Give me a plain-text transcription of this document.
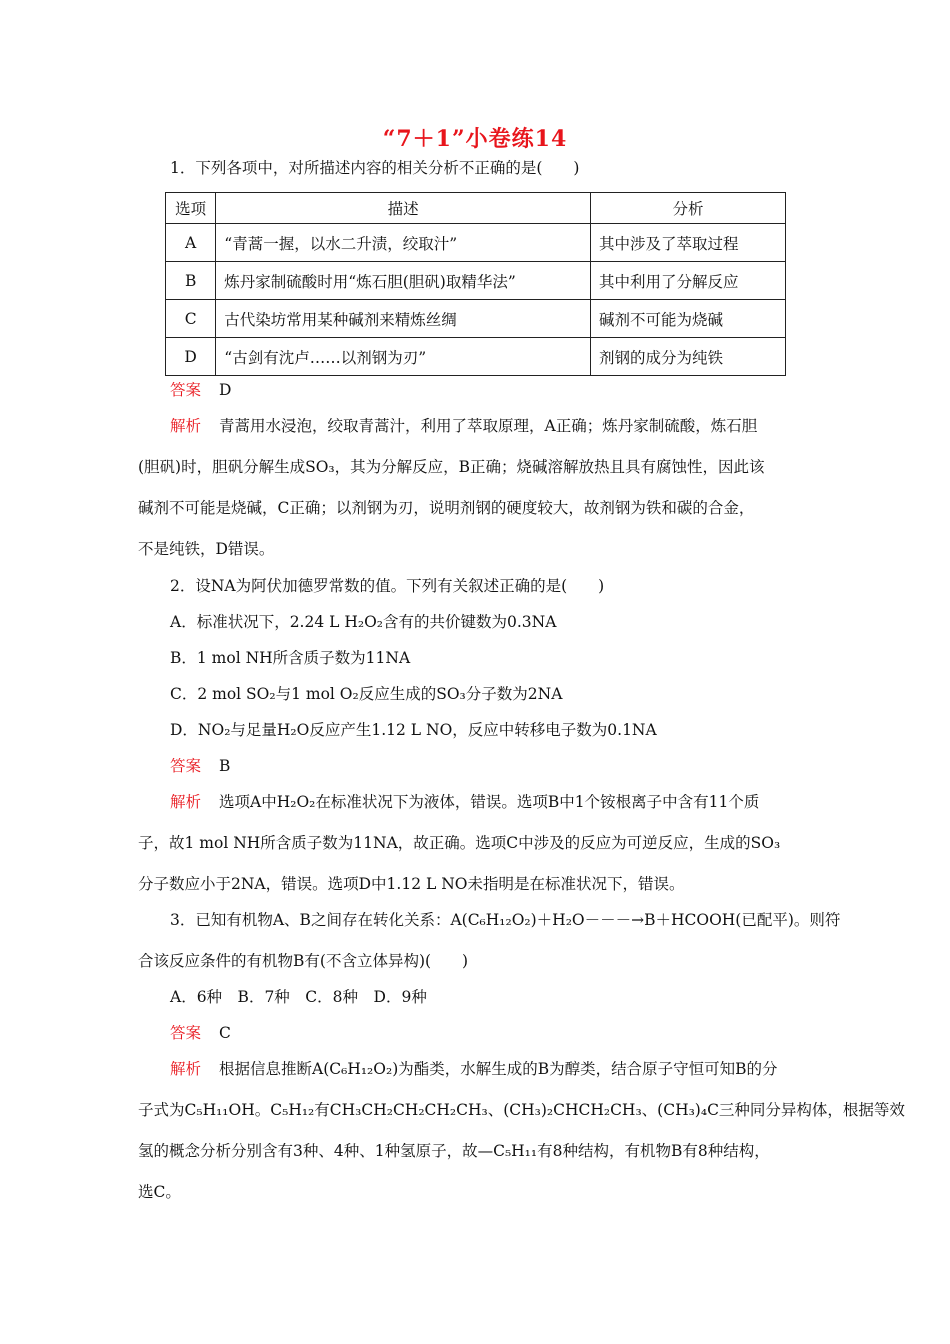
“7＋1”小卷练14
1．下列各项中，对所描述内容的相关分析不正确的是(　　)
选项	描述	分析
A	“青蒿一握，以水二升渍，绞取汁”	其中涉及了萃取过程
B	炼丹家制硫酸时用“炼石胆(胆矾)取精华法”	其中利用了分解反应
C	古代染坊常用某种碱剂来精炼丝绸	碱剂不可能为烧碱
D	“古剑有沈卢……以剂钢为刃”	剂钢的成分为纯铁
答案 D
解析 青蒿用水浸泡，绞取青蒿汁，利用了萃取原理，A正确；炼丹家制硫酸，炼石胆
(胆矾)时，胆矾分解生成SO₃，其为分解反应，B正确；烧碱溶解放热且具有腐蚀性，因此该
碱剂不可能是烧碱，C正确；以剂钢为刃，说明剂钢的硬度较大，故剂钢为铁和碳的合金，
不是纯铁，D错误。
2．设NA为阿伏加德罗常数的值。下列有关叙述正确的是(　　)
A．标准状况下，2.24 L H₂O₂含有的共价键数为0.3NA
B．1 mol NH所含质子数为11NA
C．2 mol SO₂与1 mol O₂反应生成的SO₃分子数为2NA
D．NO₂与足量H₂O反应产生1.12 L NO，反应中转移电子数为0.1NA
答案 B
解析 选项A中H₂O₂在标准状况下为液体，错误。选项B中1个铵根离子中含有11个质
子，故1 mol NH所含质子数为11NA，故正确。选项C中涉及的反应为可逆反应，生成的SO₃
分子数应小于2NA，错误。选项D中1.12 L NO未指明是在标准状况下，错误。
3．已知有机物A、B之间存在转化关系：A(C₆H₁₂O₂)＋H₂O－－－→B＋HCOOH(已配平)。则符
合该反应条件的有机物B有(不含立体异构)(　　)
A．6种　B．7种　C．8种　D．9种
答案 C
解析 根据信息推断A(C₆H₁₂O₂)为酯类，水解生成的B为醇类，结合原子守恒可知B的分
子式为C₅H₁₁OH。C₅H₁₂有CH₃CH₂CH₂CH₂CH₃、(CH₃)₂CHCH₂CH₃、(CH₃)₄C三种同分异构体，根据等效
氢的概念分析分别含有3种、4种、1种氢原子，故—C₅H₁₁有8种结构，有机物B有8种结构，
选C。
